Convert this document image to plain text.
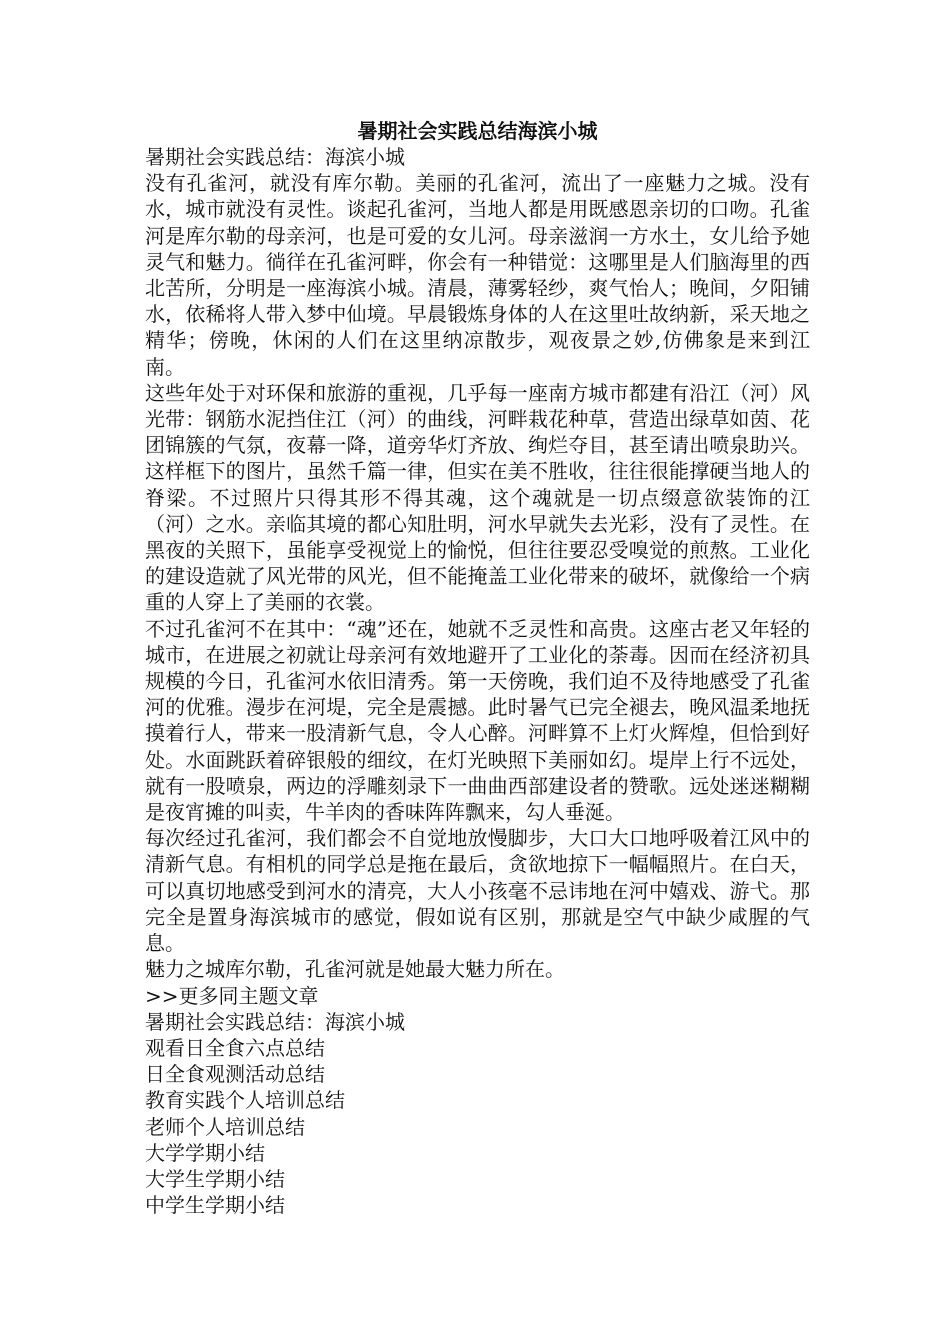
暑期社会实践总结海滨小城

暑期社会实践总结：海滨小城

没有孔雀河，就没有库尔勒。美丽的孔雀河，流出了一座魅力之城。没有水，城市就没有灵性。谈起孔雀河，当地人都是用既感恩亲切的口吻。孔雀河是库尔勒的母亲河，也是可爱的女儿河。母亲滋润一方水土，女儿给予她灵气和魅力。徜徉在孔雀河畔，你会有一种错觉：这哪里是人们脑海里的西北苦所，分明是一座海滨小城。清晨，薄雾轻纱，爽气怡人；晚间，夕阳铺水，依稀将人带入梦中仙境。早晨锻炼身体的人在这里吐故纳新，采天地之精华；傍晚，休闲的人们在这里纳凉散步，观夜景之妙,仿佛象是来到江南。

这些年处于对环保和旅游的重视，几乎每一座南方城市都建有沿江（河）风光带：钢筋水泥挡住江（河）的曲线，河畔栽花种草，营造出绿草如茵、花团锦簇的气氛，夜幕一降，道旁华灯齐放、绚烂夺目，甚至请出喷泉助兴。这样框下的图片，虽然千篇一律，但实在美不胜收，往往很能撑硬当地人的脊梁。不过照片只得其形不得其魂，这个魂就是一切点缀意欲装饰的江（河）之水。亲临其境的都心知肚明，河水早就失去光彩，没有了灵性。在黑夜的关照下，虽能享受视觉上的愉悦，但往往要忍受嗅觉的煎熬。工业化的建设造就了风光带的风光，但不能掩盖工业化带来的破坏，就像给一个病重的人穿上了美丽的衣裳。

不过孔雀河不在其中：“魂”还在，她就不乏灵性和高贵。这座古老又年轻的城市，在进展之初就让母亲河有效地避开了工业化的荼毒。因而在经济初具规模的今日，孔雀河水依旧清秀。第一天傍晚，我们迫不及待地感受了孔雀河的优雅。漫步在河堤，完全是震撼。此时暑气已完全褪去，晚风温柔地抚摸着行人，带来一股清新气息，令人心醉。河畔算不上灯火辉煌，但恰到好处。水面跳跃着碎银般的细纹，在灯光映照下美丽如幻。堤岸上行不远处，就有一股喷泉，两边的浮雕刻录下一曲曲西部建设者的赞歌。远处迷迷糊糊是夜宵摊的叫卖，牛羊肉的香味阵阵飘来，勾人垂涎。

每次经过孔雀河，我们都会不自觉地放慢脚步，大口大口地呼吸着江风中的清新气息。有相机的同学总是拖在最后，贪欲地掠下一幅幅照片。在白天，可以真切地感受到河水的清亮，大人小孩毫不忌讳地在河中嬉戏、游弋。那完全是置身海滨城市的感觉，假如说有区别，那就是空气中缺少咸腥的气息。

魅力之城库尔勒，孔雀河就是她最大魅力所在。

>>更多同主题文章

暑期社会实践总结：海滨小城
观看日全食六点总结
日全食观测活动总结
教育实践个人培训总结
老师个人培训总结
大学学期小结
大学生学期小结
中学生学期小结
